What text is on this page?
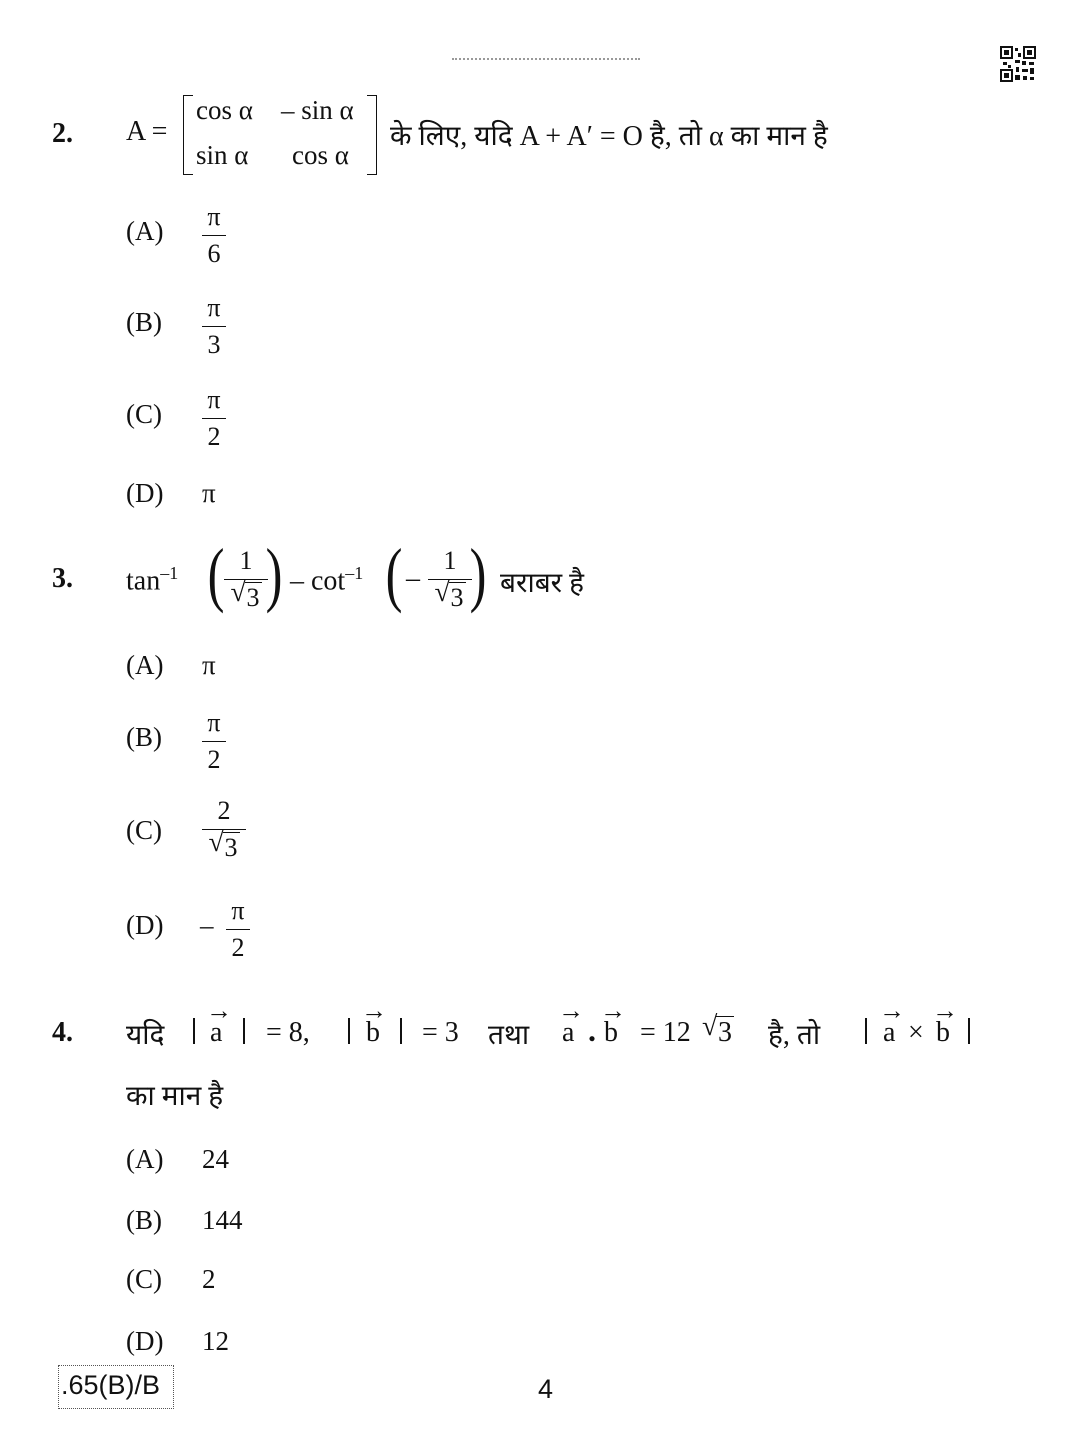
2. A =
cos α – sin α
sin α cos α
के लिए, यदि A + A′ = O है, तो α का मान है
$(A) \frac{\pi}{6}$
$(B) \frac{\pi}{3}$
$(C) \frac{\pi}{2}$
(D) π
3. $\tan^{-1}$ ( $\frac{1}{√ 3}$
) – $\cot^{-1}$ ( – $\frac{1}{√ 3}$
) बराबर है
(A) π
$(B) \frac{\pi}{2}$
$(C) \frac{2}{√ 3}$
$(D) - \frac{\pi}{2}$
4. यदि
→
a = 8,
→
b = 3 तथा
→
a .
→
b = 12 √ 3 है, तो
→
a ×
→
b
का मान है
(A) 24
(B) 144
(C) 2
(D) 12
.65(B)/B	4
